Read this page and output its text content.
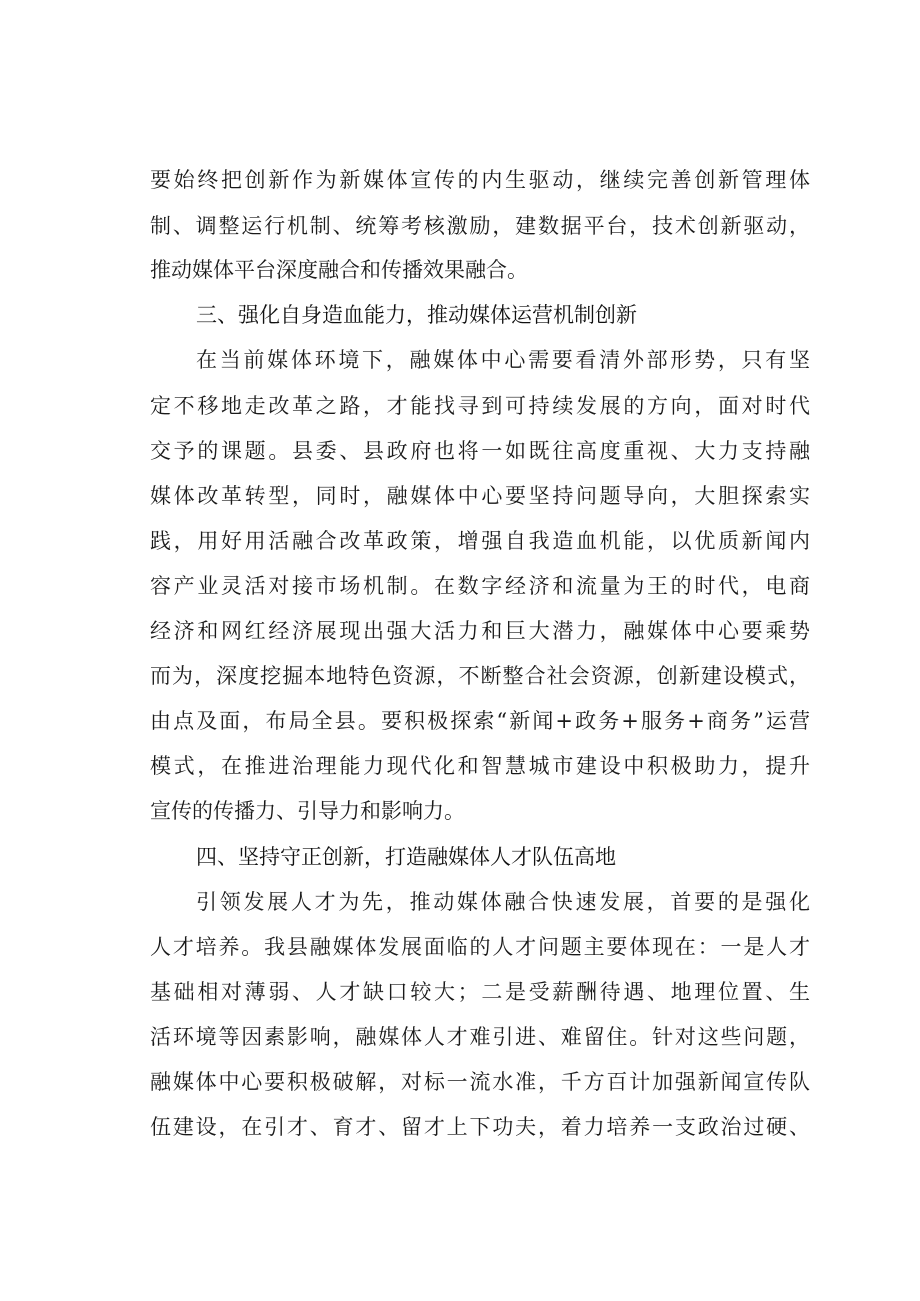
要始终把创新作为新媒体宣传的内生驱动，继续完善创新管理体
制、调整运行机制、统筹考核激励，建数据平台，技术创新驱动，
推动媒体平台深度融合和传播效果融合。
三、强化自身造血能力，推动媒体运营机制创新
在当前媒体环境下，融媒体中心需要看清外部形势，只有坚
定不移地走改革之路，才能找寻到可持续发展的方向，面对时代
交予的课题。县委、县政府也将一如既往高度重视、大力支持融
媒体改革转型，同时，融媒体中心要坚持问题导向，大胆探索实
践，用好用活融合改革政策，增强自我造血机能，以优质新闻内
容产业灵活对接市场机制。在数字经济和流量为王的时代，电商
经济和网红经济展现出强大活力和巨大潜力，融媒体中心要乘势
而为，深度挖掘本地特色资源，不断整合社会资源，创新建设模式，
由点及面，布局全县。要积极探索“新闻+政务+服务+商务”运营
模式，在推进治理能力现代化和智慧城市建设中积极助力，提升
宣传的传播力、引导力和影响力。
四、坚持守正创新，打造融媒体人才队伍高地
引领发展人才为先，推动媒体融合快速发展，首要的是强化
人才培养。我县融媒体发展面临的人才问题主要体现在：一是人才
基础相对薄弱、人才缺口较大；二是受薪酬待遇、地理位置、生
活环境等因素影响，融媒体人才难引进、难留住。针对这些问题，
融媒体中心要积极破解，对标一流水准，千方百计加强新闻宣传队
伍建设，在引才、育才、留才上下功夫，着力培养一支政治过硬、
